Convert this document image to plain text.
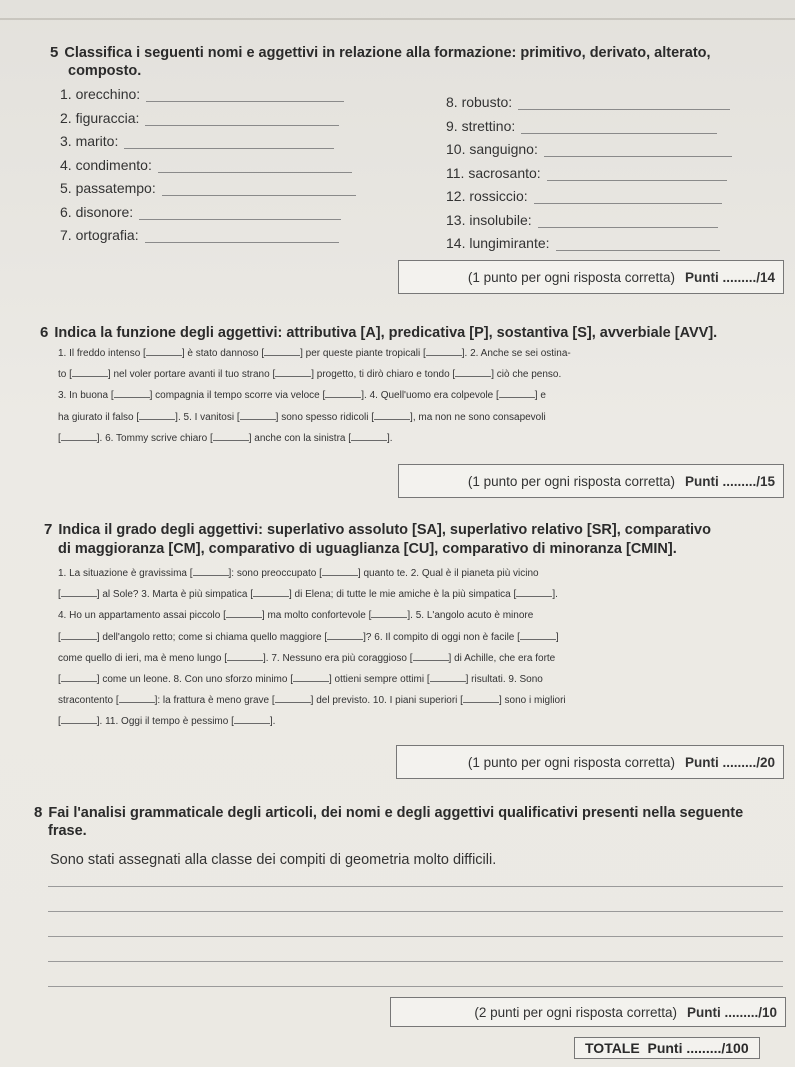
5 Classifica i seguenti nomi e aggettivi in relazione alla formazione: primitivo, derivato, alterato,
composto.
1. orecchino:
2. figuraccia:
3. marito:
4. condimento:
5. passatempo:
6. disonore:
7. ortografia:
8. robusto:
9. strettino:
10. sanguigno:
11. sacrosanto:
12. rossiccio:
13. insolubile:
14. lungimirante:
(1 punto per ogni risposta corretta) Punti ........./14
6 Indica la funzione degli aggettivi: attributiva [A], predicativa [P], sostantiva [S], avverbiale [AVV].
1. Il freddo intenso [	] è stato dannoso [	] per queste piante tropicali [	]. 2. Anche se sei ostina-
to [	] nel voler portare avanti il tuo strano [	] progetto, ti dirò chiaro e tondo [	] ciò che penso.
3. In buona [	] compagnia il tempo scorre via veloce [	]. 4. Quell'uomo era colpevole [	] e
ha giurato il falso [	]. 5. I vanitosi [	] sono spesso ridicoli [	], ma non ne sono consapevoli
[	]. 6. Tommy scrive chiaro [	] anche con la sinistra [	].
(1 punto per ogni risposta corretta) Punti ........./15
7 Indica il grado degli aggettivi: superlativo assoluto [SA], superlativo relativo [SR], comparativo
di maggioranza [CM], comparativo di uguaglianza [CU], comparativo di minoranza [CMIN].
1. La situazione è gravissima [	]: sono preoccupato [	] quanto te. 2. Qual è il pianeta più vicino
[	] al Sole? 3. Marta è più simpatica [	] di Elena; di tutte le mie amiche è la più simpatica [	].
4. Ho un appartamento assai piccolo [	] ma molto confortevole [	]. 5. L'angolo acuto è minore
[	] dell'angolo retto; come si chiama quello maggiore [	]? 6. Il compito di oggi non è facile [	]
come quello di ieri, ma è meno lungo [	]. 7. Nessuno era più coraggioso [	] di Achille, che era forte
[	] come un leone. 8. Con uno sforzo minimo [	] ottieni sempre ottimi [	] risultati. 9. Sono
stracontento [	]: la frattura è meno grave [	] del previsto. 10. I piani superiori [	] sono i migliori
[	]. 11. Oggi il tempo è pessimo [	].
(1 punto per ogni risposta corretta) Punti ........./20
8 Fai l'analisi grammaticale degli articoli, dei nomi e degli aggettivi qualificativi presenti nella seguente
frase.
Sono stati assegnati alla classe dei compiti di geometria molto difficili.
(2 punti per ogni risposta corretta) Punti ........./10
TOTALE Punti ........./100
